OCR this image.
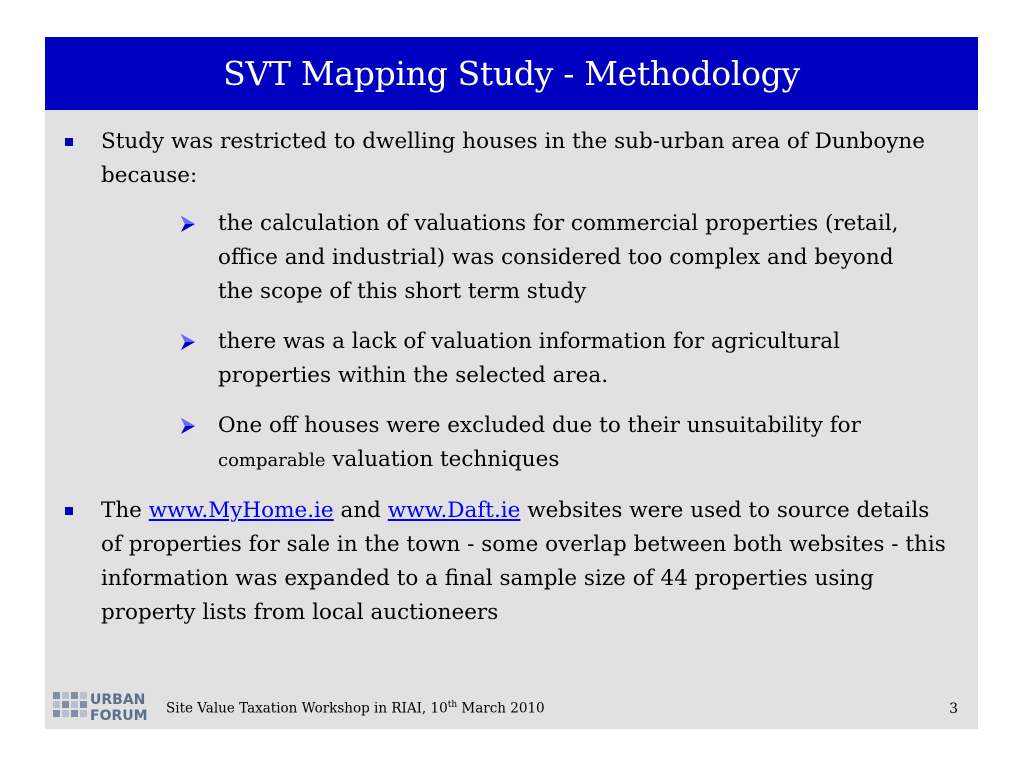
SVT Mapping Study - Methodology
Study was restricted to dwelling houses in the sub-urban area of Dunboyne because:
the calculation of valuations for commercial properties (retail, office and industrial) was considered too complex and beyond the scope of this short term study
there was a lack of valuation information for agricultural properties within the selected area.
One off houses were excluded due to their unsuitability for comparable valuation techniques
The www.MyHome.ie and www.Daft.ie websites were used to source details of properties for sale in the town - some overlap between both websites - this information was expanded to a final sample size of 44 properties using property lists from local auctioneers
URBAN
FORUM Site Value Taxation Workshop in RIAI, 10th March 2010	3
